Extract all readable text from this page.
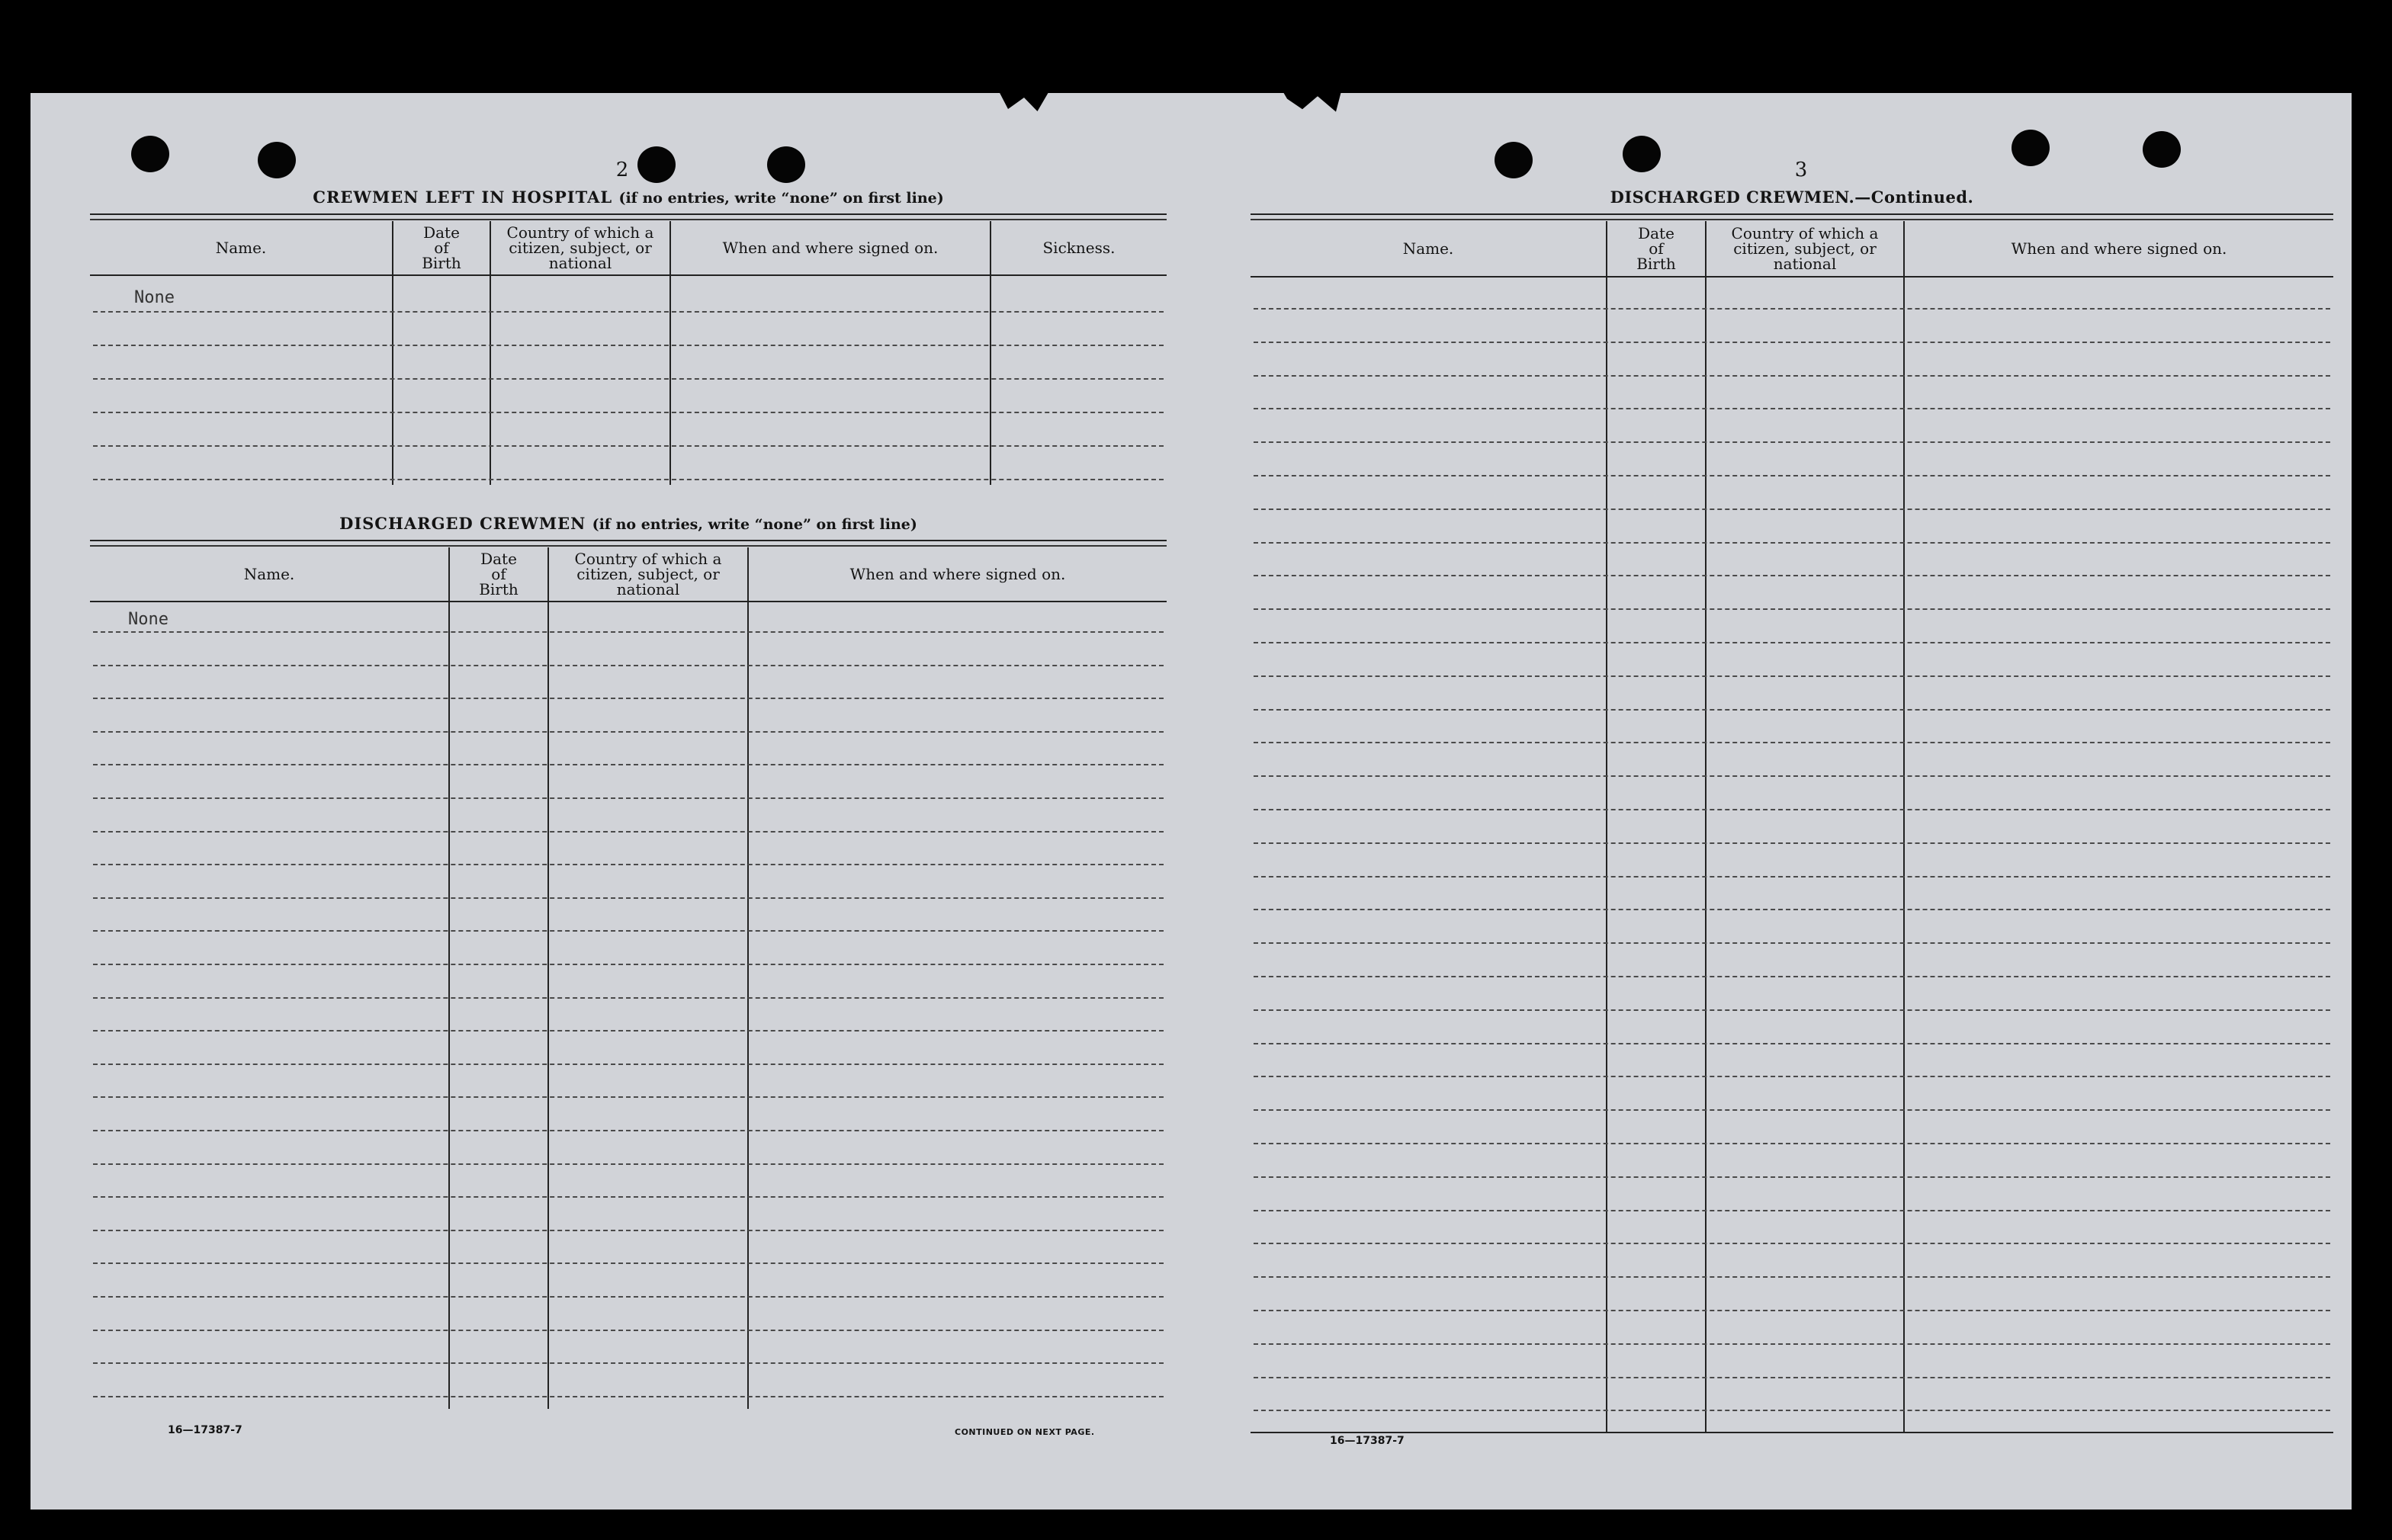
2
CREWMEN LEFT IN HOSPITAL (if no entries, write “none” on first line)
Name.
Date of Birth
Country of which a citizen, subject, or national
When and where signed on.	Sickness.
None
DISCHARGED CREWMEN (if no entries, write “none” on first line)
Name.
Date of Birth
Country of which a citizen, subject, or national
When and where signed on.
None
16—17387-7	CONTINUED ON NEXT PAGE.
3
DISCHARGED CREWMEN.—Continued.
Name.
Date of Birth
Country of which a citizen, subject, or national
When and where signed on.
16—17387-7
